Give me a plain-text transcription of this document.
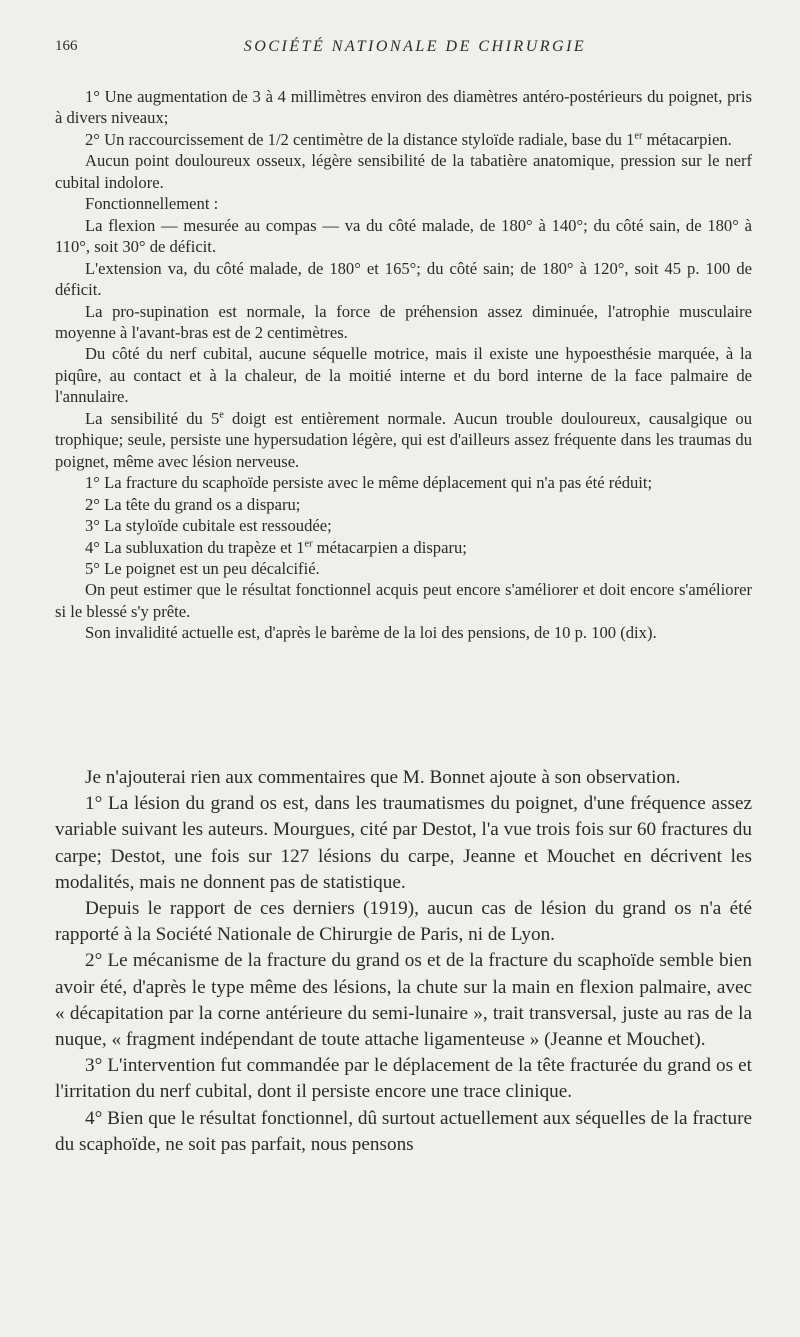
166	SOCIÉTÉ NATIONALE DE CHIRURGIE

1° Une augmentation de 3 à 4 millimètres environ des diamètres antéro-postérieurs du poignet, pris à divers niveaux;

2° Un raccourcissement de 1/2 centimètre de la distance styloïde radiale, base du 1er métacarpien.

Aucun point douloureux osseux, légère sensibilité de la tabatière anatomique, pression sur le nerf cubital indolore.

Fonctionnellement :

La flexion — mesurée au compas — va du côté malade, de 180° à 140°; du côté sain, de 180° à 110°, soit 30° de déficit.

L'extension va, du côté malade, de 180° et 165°; du côté sain; de 180° à 120°, soit 45 p. 100 de déficit.

La pro-supination est normale, la force de préhension assez diminuée, l'atrophie musculaire moyenne à l'avant-bras est de 2 centimètres.

Du côté du nerf cubital, aucune séquelle motrice, mais il existe une hypoesthésie marquée, à la piqûre, au contact et à la chaleur, de la moitié interne et du bord interne de la face palmaire de l'annulaire.

La sensibilité du 5e doigt est entièrement normale. Aucun trouble douloureux, causalgique ou trophique; seule, persiste une hypersudation légère, qui est d'ailleurs assez fréquente dans les traumas du poignet, même avec lésion nerveuse.

1° La fracture du scaphoïde persiste avec le même déplacement qui n'a pas été réduit;

2° La tête du grand os a disparu;

3° La styloïde cubitale est ressoudée;

4° La subluxation du trapèze et 1er métacarpien a disparu;

5° Le poignet est un peu décalcifié.

On peut estimer que le résultat fonctionnel acquis peut encore s'améliorer et doit encore s'améliorer si le blessé s'y prête.

Son invalidité actuelle est, d'après le barème de la loi des pensions, de 10 p. 100 (dix).

Je n'ajouterai rien aux commentaires que M. Bonnet ajoute à son observation.

1° La lésion du grand os est, dans les traumatismes du poignet, d'une fréquence assez variable suivant les auteurs. Mourgues, cité par Destot, l'a vue trois fois sur 60 fractures du carpe; Destot, une fois sur 127 lésions du carpe, Jeanne et Mouchet en décrivent les modalités, mais ne donnent pas de statistique.

Depuis le rapport de ces derniers (1919), aucun cas de lésion du grand os n'a été rapporté à la Société Nationale de Chirurgie de Paris, ni de Lyon.

2° Le mécanisme de la fracture du grand os et de la fracture du scaphoïde semble bien avoir été, d'après le type même des lésions, la chute sur la main en flexion palmaire, avec « décapitation par la corne antérieure du semi-lunaire », trait transversal, juste au ras de la nuque, « fragment indépendant de toute attache ligamenteuse » (Jeanne et Mouchet).

3° L'intervention fut commandée par le déplacement de la tête fracturée du grand os et l'irritation du nerf cubital, dont il persiste encore une trace clinique.

4° Bien que le résultat fonctionnel, dû surtout actuellement aux séquelles de la fracture du scaphoïde, ne soit pas parfait, nous pensons
